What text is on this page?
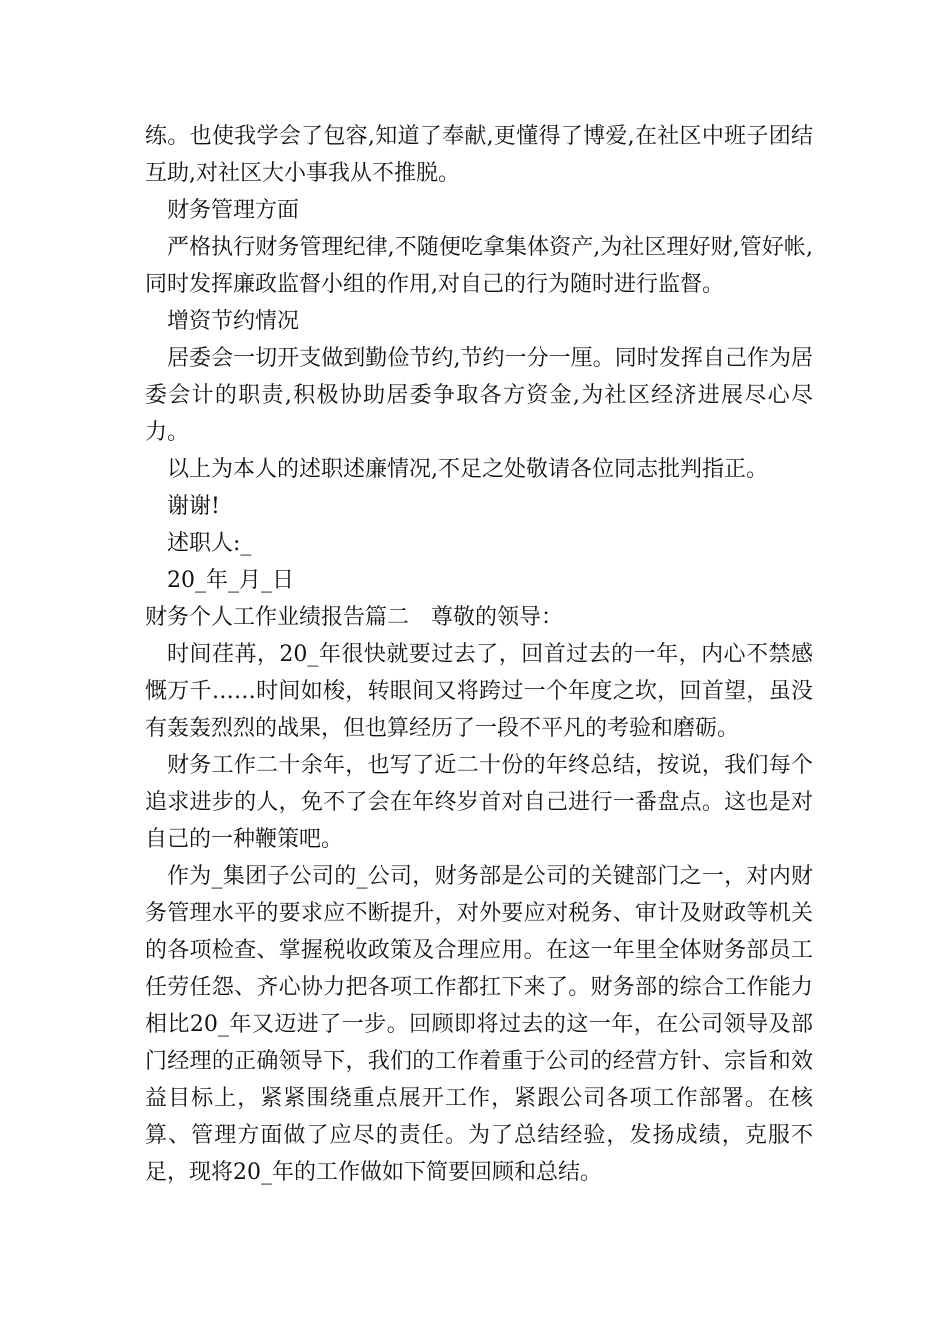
练。也使我学会了包容,知道了奉献,更懂得了博爱,在社区中班子团结互助,对社区大小事我从不推脱。

财务管理方面

严格执行财务管理纪律,不随便吃拿集体资产,为社区理好财,管好帐,同时发挥廉政监督小组的作用,对自己的行为随时进行监督。

增资节约情况

居委会一切开支做到勤俭节约,节约一分一厘。同时发挥自己作为居委会计的职责,积极协助居委争取各方资金,为社区经济进展尽心尽力。

以上为本人的述职述廉情况,不足之处敬请各位同志批判指正。

谢谢!

述职人:_

20_年_月_日

财务个人工作业绩报告篇二　尊敬的领导：

时间荏苒，20_年很快就要过去了，回首过去的一年，内心不禁感慨万千……时间如梭，转眼间又将跨过一个年度之坎，回首望，虽没有轰轰烈烈的战果，但也算经历了一段不平凡的考验和磨砺。

财务工作二十余年，也写了近二十份的年终总结，按说，我们每个追求进步的人，免不了会在年终岁首对自己进行一番盘点。这也是对自己的一种鞭策吧。

作为_集团子公司的_公司，财务部是公司的关键部门之一，对内财务管理水平的要求应不断提升，对外要应对税务、审计及财政等机关的各项检查、掌握税收政策及合理应用。在这一年里全体财务部员工任劳任怨、齐心协力把各项工作都扛下来了。财务部的综合工作能力相比20_年又迈进了一步。回顾即将过去的这一年，在公司领导及部门经理的正确领导下，我们的工作着重于公司的经营方针、宗旨和效益目标上，紧紧围绕重点展开工作，紧跟公司各项工作部署。在核算、管理方面做了应尽的责任。为了总结经验，发扬成绩，克服不足，现将20_年的工作做如下简要回顾和总结。
